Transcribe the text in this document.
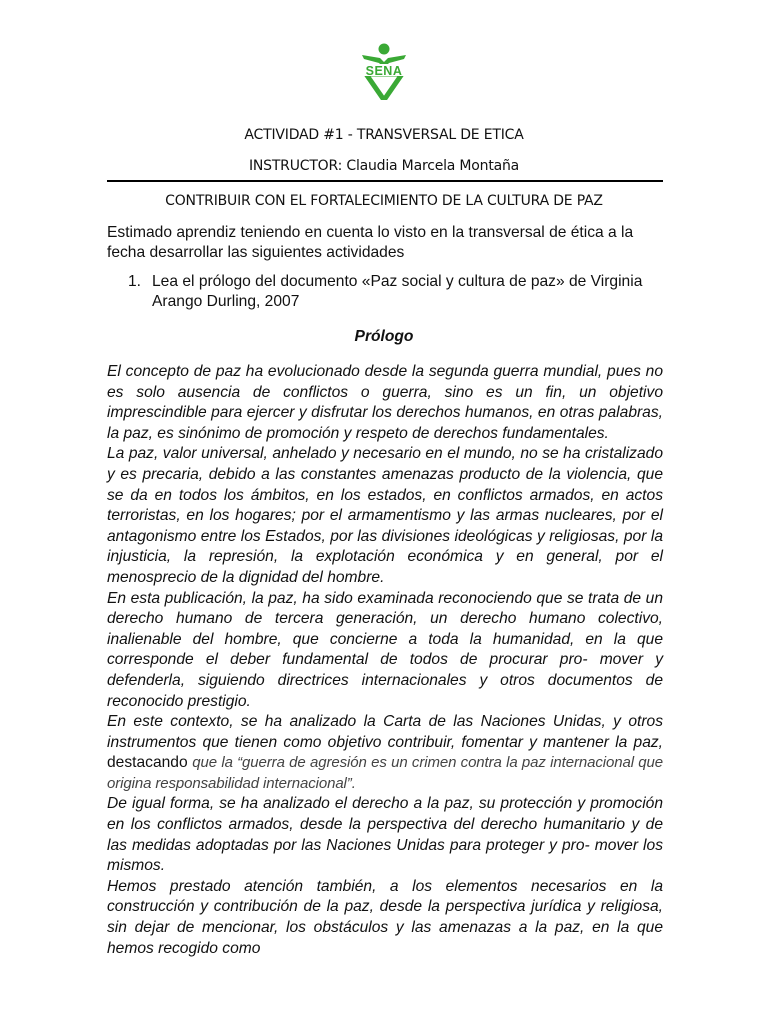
SENA
ACTIVIDAD #1 - TRANSVERSAL DE ETICA
INSTRUCTOR: Claudia Marcela Montaña
CONTRIBUIR CON EL FORTALECIMIENTO DE LA CULTURA DE PAZ
Estimado aprendiz teniendo en cuenta lo visto en la transversal de ética a la fecha desarrollar las siguientes actividades
1. Lea el prólogo del documento «Paz social y cultura de paz» de Virginia Arango Durling, 2007
Prólogo

El concepto de paz ha evolucionado desde la segunda guerra mundial, pues no es solo ausencia de conflictos o guerra, sino es un fin, un objetivo imprescindible para ejercer y disfrutar los derechos humanos, en otras palabras, la paz, es sinónimo de promoción y respeto de derechos fundamentales.

La paz, valor universal, anhelado y necesario en el mundo, no se ha cristalizado y es precaria, debido a las constantes amenazas producto de la violencia, que se da en todos los ámbitos, en los estados, en conflictos armados, en actos terroristas, en los hogares; por el armamentismo y las armas nucleares, por el antagonismo entre los Estados, por las divisiones ideológicas y religiosas, por la injusticia, la represión, la explotación económica y en general, por el menosprecio de la dignidad del hombre.

En esta publicación, la paz, ha sido examinada reconociendo que se trata de un derecho humano de tercera generación, un derecho humano colectivo, inalienable del hombre, que concierne a toda la humanidad, en la que corresponde el deber fundamental de todos de procurar pro- mover y defenderla, siguiendo directrices internacionales y otros documentos de reconocido prestigio.

En este contexto, se ha analizado la Carta de las Naciones Unidas, y otros instrumentos que tienen como objetivo contribuir, fomentar y mantener la paz, destacando que la “guerra de agresión es un crimen contra la paz internacional que origina responsabilidad internacional”.

De igual forma, se ha analizado el derecho a la paz, su protección y promoción en los conflictos armados, desde la perspectiva del derecho humanitario y de las medidas adoptadas por las Naciones Unidas para proteger y pro- mover los mismos.

Hemos prestado atención también, a los elementos necesarios en la construcción y contribución de la paz, desde la perspectiva jurídica y religiosa, sin dejar de mencionar, los obstáculos y las amenazas a la paz, en la que hemos recogido como
